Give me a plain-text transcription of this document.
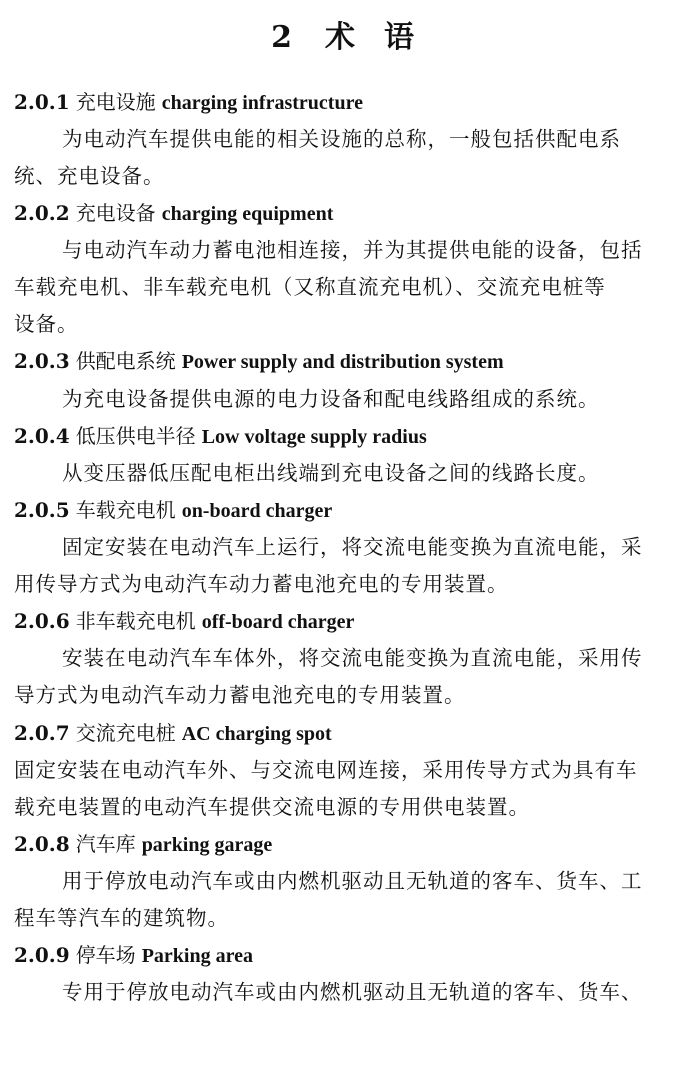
2 术 语
2.0.1 充电设施 charging infrastructure
为电动汽车提供电能的相关设施的总称，一般包括供配电系
统、充电设备。
2.0.2 充电设备 charging equipment
与电动汽车动力蓄电池相连接，并为其提供电能的设备，包括
车载充电机、非车载充电机（又称直流充电机）、交流充电桩等
设备。
2.0.3 供配电系统 Power supply and distribution system
为充电设备提供电源的电力设备和配电线路组成的系统。
2.0.4 低压供电半径 Low voltage supply radius
从变压器低压配电柜出线端到充电设备之间的线路长度。
2.0.5 车载充电机 on-board charger
固定安装在电动汽车上运行，将交流电能变换为直流电能，采
用传导方式为电动汽车动力蓄电池充电的专用装置。
2.0.6 非车载充电机 off-board charger
安装在电动汽车车体外，将交流电能变换为直流电能，采用传
导方式为电动汽车动力蓄电池充电的专用装置。
2.0.7 交流充电桩 AC charging spot
固定安装在电动汽车外、与交流电网连接，采用传导方式为具有车
载充电装置的电动汽车提供交流电源的专用供电装置。
2.0.8 汽车库 parking garage
用于停放电动汽车或由内燃机驱动且无轨道的客车、货车、工
程车等汽车的建筑物。
2.0.9 停车场 Parking area
专用于停放电动汽车或由内燃机驱动且无轨道的客车、货车、
